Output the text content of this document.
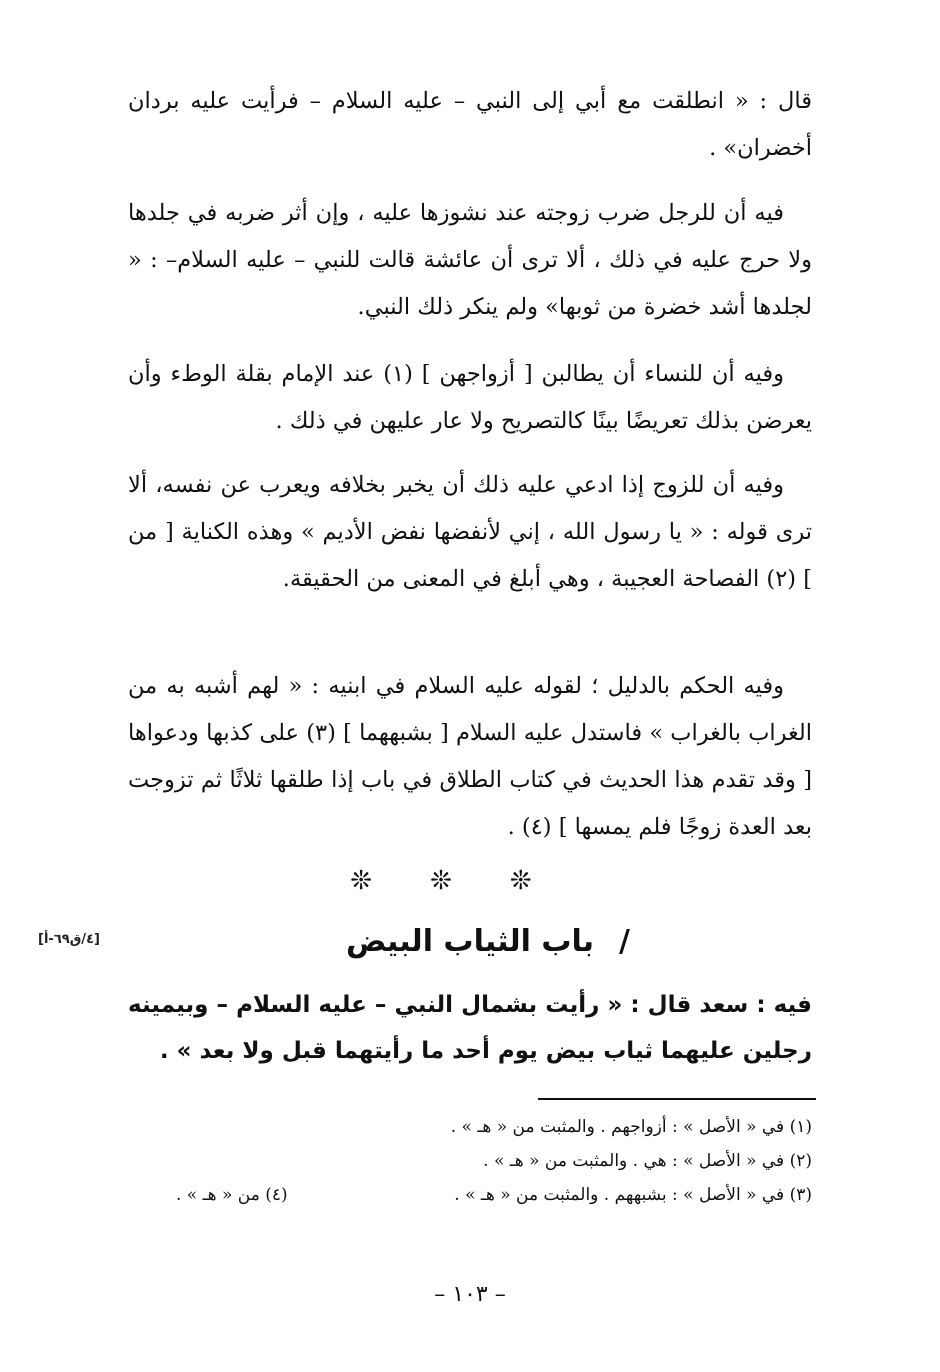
قال : « انطلقت مع أبي إلى النبي – عليه السلام – فرأيت عليه بردان أخضران» .

فيه أن للرجل ضرب زوجته عند نشوزها عليه ، وإن أثر ضربه في جلدها ولا حرج عليه في ذلك ، ألا ترى أن عائشة قالت للنبي – عليه السلام– : « لجلدها أشد خضرة من ثوبها» ولم ينكر ذلك النبي.

وفيه أن للنساء أن يطالبن [ أزواجهن ] (١) عند الإمام بقلة الوطء وأن يعرضن بذلك تعريضًا بينًا كالتصريح ولا عار عليهن في ذلك .

وفيه أن للزوج إذا ادعي عليه ذلك أن يخبر بخلافه ويعرب عن نفسه، ألا ترى قوله : « يا رسول الله ، إني لأنفضها نفض الأديم » وهذه الكناية [ من ] (٢) الفصاحة العجيبة ، وهي أبلغ في المعنى من الحقيقة.

وفيه الحكم بالدليل ؛ لقوله عليه السلام في ابنيه : « لهم أشبه به من الغراب بالغراب » فاستدل عليه السلام [ بشبههما ] (٣) على كذبها ودعواها [ وقد تقدم هذا الحديث في كتاب الطلاق في باب إذا طلقها ثلاثًا ثم تزوجت بعد العدة زوجًا فلم يمسها ] (٤) .

❊❊❊
[٤/ق٦٩-أ]	/
باب الثياب البيض

فيه : سعد قال : « رأيت بشمال النبي – عليه السلام – وبيمينه رجلين عليهما ثياب بيض يوم أحد ما رأيتهما قبل ولا بعد » .

(١) في « الأصل » : أزواجهم . والمثبت من « هـ » .
(٢) في « الأصل » : هي . والمثبت من « هـ » .
(٣) في « الأصل » : بشبههم . والمثبت من « هـ » .
(٤) من « هـ » .
– ١٠٣ –
